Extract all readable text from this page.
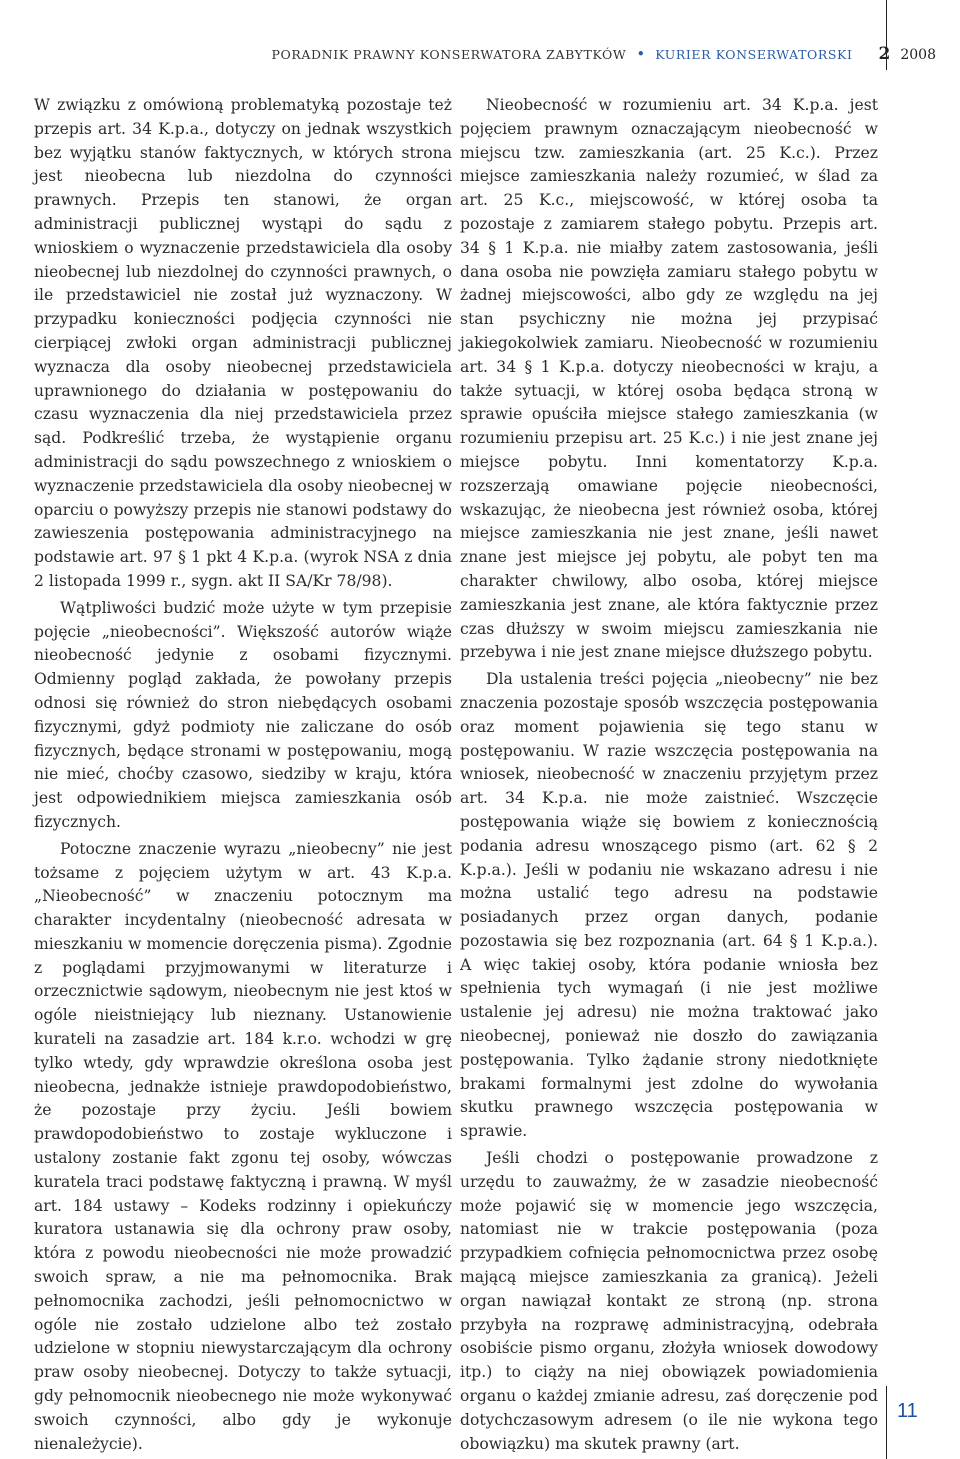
PORADNIK PRAWNY KONSERWATORA ZABYTKÓW • KURIER KONSERWATORSKI 2 2008

W związku z omówioną problematyką pozostaje też przepis art. 34 K.p.a., dotyczy on jednak wszystkich bez wyjątku stanów faktycznych, w których strona jest nieobecna lub niezdolna do czynności prawnych. Przepis ten stanowi, że organ administracji publicznej wystąpi do sądu z wnioskiem o wyznaczenie przedstawiciela dla osoby nieobecnej lub niezdolnej do czynności prawnych, o ile przedstawiciel nie został już wyznaczony. W przypadku konieczności podjęcia czynności nie cierpiącej zwłoki organ administracji publicznej wyznacza dla osoby nieobecnej przedstawiciela uprawnionego do działania w postępowaniu do czasu wyznaczenia dla niej przedstawiciela przez sąd. Podkreślić trzeba, że wystąpienie organu administracji do sądu powszechnego z wnioskiem o wyznaczenie przedstawiciela dla osoby nieobecnej w oparciu o powyższy przepis nie stanowi podstawy do zawieszenia postępowania administracyjnego na podstawie art. 97 § 1 pkt 4 K.p.a. (wyrok NSA z dnia 2 listopada 1999 r., sygn. akt II SA/Kr 78/98).

Wątpliwości budzić może użyte w tym przepisie pojęcie „nieobecności”. Większość autorów wiąże nieobecność jedynie z osobami fizycznymi. Odmienny pogląd zakłada, że powołany przepis odnosi się również do stron niebędących osobami fizycznymi, gdyż podmioty nie zaliczane do osób fizycznych, będące stronami w postępowaniu, mogą nie mieć, choćby czasowo, siedziby w kraju, która jest odpowiednikiem miejsca zamieszkania osób fizycznych.

Potoczne znaczenie wyrazu „nieobecny” nie jest tożsame z pojęciem użytym w art. 43 K.p.a. „Nieobecność” w znaczeniu potocznym ma charakter incydentalny (nieobecność adresata w mieszkaniu w momencie doręczenia pisma). Zgodnie z poglądami przyjmowanymi w literaturze i orzecznictwie sądowym, nieobecnym nie jest ktoś w ogóle nieistniejący lub nieznany. Ustanowienie kurateli na zasadzie art. 184 k.r.o. wchodzi w grę tylko wtedy, gdy wprawdzie określona osoba jest nieobecna, jednakże istnieje prawdopodobieństwo, że pozostaje przy życiu. Jeśli bowiem prawdopodobieństwo to zostaje wykluczone i ustalony zostanie fakt zgonu tej osoby, wówczas kuratela traci podstawę faktyczną i prawną. W myśl art. 184 ustawy – Kodeks rodzinny i opiekuńczy kuratora ustanawia się dla ochrony praw osoby, która z powodu nieobecności nie może prowadzić swoich spraw, a nie ma pełnomocnika. Brak pełnomocnika zachodzi, jeśli pełnomocnictwo w ogóle nie zostało udzielone albo też zostało udzielone w stopniu niewystarczającym dla ochrony praw osoby nieobecnej. Dotyczy to także sytuacji, gdy pełnomocnik nieobecnego nie może wykonywać swoich czynności, albo gdy je wykonuje nienależycie).

Nieobecność w rozumieniu art. 34 K.p.a. jest pojęciem prawnym oznaczającym nieobecność w miejscu tzw. zamieszkania (art. 25 K.c.). Przez miejsce zamieszkania należy rozumieć, w ślad za art. 25 K.c., miejscowość, w której osoba ta pozostaje z zamiarem stałego pobytu. Przepis art. 34 § 1 K.p.a. nie miałby zatem zastosowania, jeśli dana osoba nie powzięła zamiaru stałego pobytu w żadnej miejscowości, albo gdy ze względu na jej stan psychiczny nie można jej przypisać jakiegokolwiek zamiaru. Nieobecność w rozumieniu art. 34 § 1 K.p.a. dotyczy nieobecności w kraju, a także sytuacji, w której osoba będąca stroną w sprawie opuściła miejsce stałego zamieszkania (w rozumieniu przepisu art. 25 K.c.) i nie jest znane jej miejsce pobytu. Inni komentatorzy K.p.a. rozszerzają omawiane pojęcie nieobecności, wskazując, że nieobecna jest również osoba, której miejsce zamieszkania nie jest znane, jeśli nawet znane jest miejsce jej pobytu, ale pobyt ten ma charakter chwilowy, albo osoba, której miejsce zamieszkania jest znane, ale która faktycznie przez czas dłuższy w swoim miejscu zamieszkania nie przebywa i nie jest znane miejsce dłuższego pobytu.

Dla ustalenia treści pojęcia „nieobecny” nie bez znaczenia pozostaje sposób wszczęcia postępowania oraz moment pojawienia się tego stanu w postępowaniu. W razie wszczęcia postępowania na wniosek, nieobecność w znaczeniu przyjętym przez art. 34 K.p.a. nie może zaistnieć. Wszczęcie postępowania wiąże się bowiem z koniecznością podania adresu wnoszącego pismo (art. 62 § 2 K.p.a.). Jeśli w podaniu nie wskazano adresu i nie można ustalić tego adresu na podstawie posiadanych przez organ danych, podanie pozostawia się bez rozpoznania (art. 64 § 1 K.p.a.). A więc takiej osoby, która podanie wniosła bez spełnienia tych wymagań (i nie jest możliwe ustalenie jej adresu) nie można traktować jako nieobecnej, ponieważ nie doszło do zawiązania postępowania. Tylko żądanie strony niedotknięte brakami formalnymi jest zdolne do wywołania skutku prawnego wszczęcia postępowania w sprawie.

Jeśli chodzi o postępowanie prowadzone z urzędu to zauważmy, że w zasadzie nieobecność może pojawić się w momencie jego wszczęcia, natomiast nie w trakcie postępowania (poza przypadkiem cofnięcia pełnomocnictwa przez osobę mającą miejsce zamieszkania za granicą). Jeżeli organ nawiązał kontakt ze stroną (np. strona przybyła na rozprawę administracyjną, odebrała osobiście pismo organu, złożyła wniosek dowodowy itp.) to ciąży na niej obowiązek powiadomienia organu o każdej zmianie adresu, zaś doręczenie pod dotychczasowym adresem (o ile nie wykona tego obowiązku) ma skutek prawny (art.

11
